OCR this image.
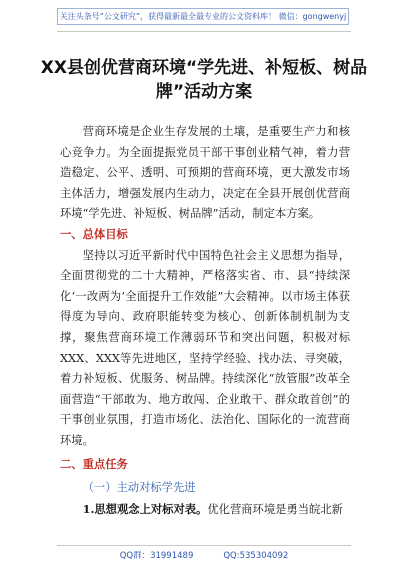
关注头条号“公文研究”，获得最新最全最专业的公文资料库！ 微信：gongwenyj
XX县创优营商环境“学先进、补短板、树品牌”活动方案

营商环境是企业生存发展的土壤，是重要生产力和核心竞争力。为全面提振党员干部干事创业精气神，着力营造稳定、公平、透明、可预期的营商环境，更大激发市场主体活力，增强发展内生动力，决定在全县开展创优营商环境“学先进、补短板、树品牌”活动，制定本方案。

一、总体目标

坚持以习近平新时代中国特色社会主义思想为指导，全面贯彻党的二十大精神，严格落实省、市、县“持续深化‘一改两为’全面提升工作效能”大会精神。以市场主体获得度为导向、政府职能转变为核心、创新体制机制为支撑，聚焦营商环境工作薄弱环节和突出问题，积极对标XXX、XXX等先进地区，坚持学经验、找办法、寻突破，着力补短板、优服务、树品牌。持续深化“放管服”改革全面营造“干部敢为、地方敢闯、企业敢干、群众敢首创”的干事创业氛围，打造市场化、法治化、国际化的一流营商环境。

二、重点任务
（一）主动对标学先进

1.思想观念上对标对表。优化营商环境是勇当皖北新

QQ群：31991489	QQ:535304092
